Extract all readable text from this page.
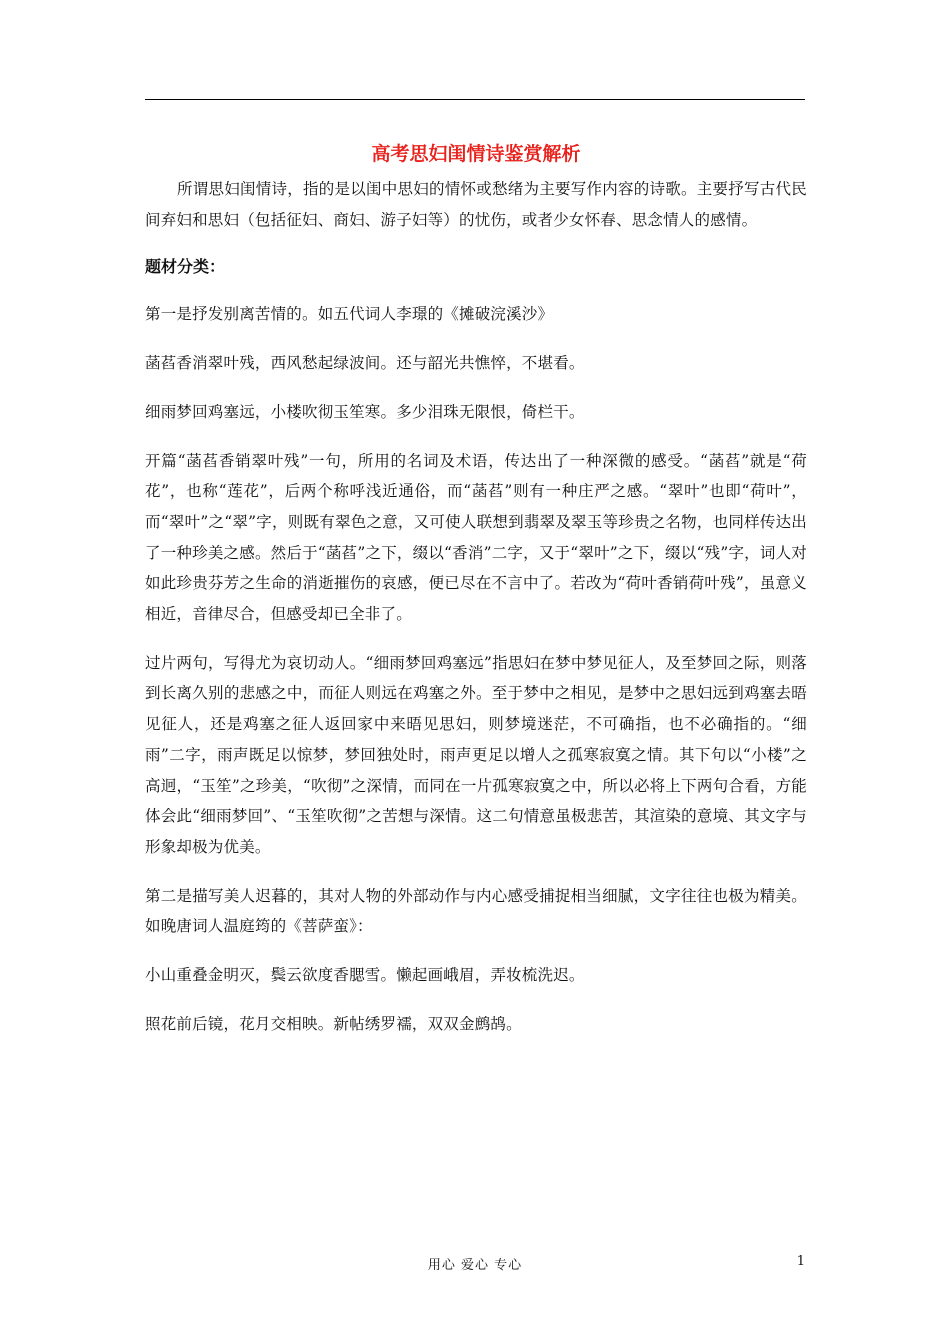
高考思妇闺情诗鉴赏解析
所谓思妇闺情诗，指的是以闺中思妇的情怀或愁绪为主要写作内容的诗歌。主要抒写古代民间弃妇和思妇（包括征妇、商妇、游子妇等）的忧伤，或者少女怀春、思念情人的感情。
题材分类：
第一是抒发别离苦情的。如五代词人李璟的《摊破浣溪沙》
菡萏香消翠叶残，西风愁起绿波间。还与韶光共憔悴，不堪看。
细雨梦回鸡塞远，小楼吹彻玉笙寒。多少泪珠无限恨，倚栏干。
开篇“菡萏香销翠叶残”一句，所用的名词及术语，传达出了一种深微的感受。“菡萏”就是“荷花”，也称“莲花”，后两个称呼浅近通俗，而“菡萏”则有一种庄严之感。“翠叶”也即“荷叶”，而“翠叶”之“翠”字，则既有翠色之意，又可使人联想到翡翠及翠玉等珍贵之名物，也同样传达出了一种珍美之感。然后于“菡萏”之下，缀以“香消”二字，又于“翠叶”之下，缀以“残”字，词人对如此珍贵芬芳之生命的消逝摧伤的哀感，便已尽在不言中了。若改为“荷叶香销荷叶残”，虽意义相近，音律尽合，但感受却已全非了。
过片两句，写得尤为哀切动人。“细雨梦回鸡塞远”指思妇在梦中梦见征人，及至梦回之际，则落到长离久别的悲感之中，而征人则远在鸡塞之外。至于梦中之相见，是梦中之思妇远到鸡塞去晤见征人，还是鸡塞之征人返回家中来晤见思妇，则梦境迷茫，不可确指，也不必确指的。“细雨”二字，雨声既足以惊梦，梦回独处时，雨声更足以增人之孤寒寂寞之情。其下句以“小楼”之高迥，“玉笙”之珍美，“吹彻”之深情，而同在一片孤寒寂寞之中，所以必将上下两句合看，方能体会此“细雨梦回”、“玉笙吹彻”之苦想与深情。这二句情意虽极悲苦，其渲染的意境、其文字与形象却极为优美。
第二是描写美人迟暮的，其对人物的外部动作与内心感受捕捉相当细腻，文字往往也极为精美。如晚唐词人温庭筠的《菩萨蛮》：
小山重叠金明灭，鬓云欲度香腮雪。懒起画峨眉，弄妆梳洗迟。
照花前后镜，花月交相映。新帖绣罗襦，双双金鹧鸪。
用心 爱心 专心	1
